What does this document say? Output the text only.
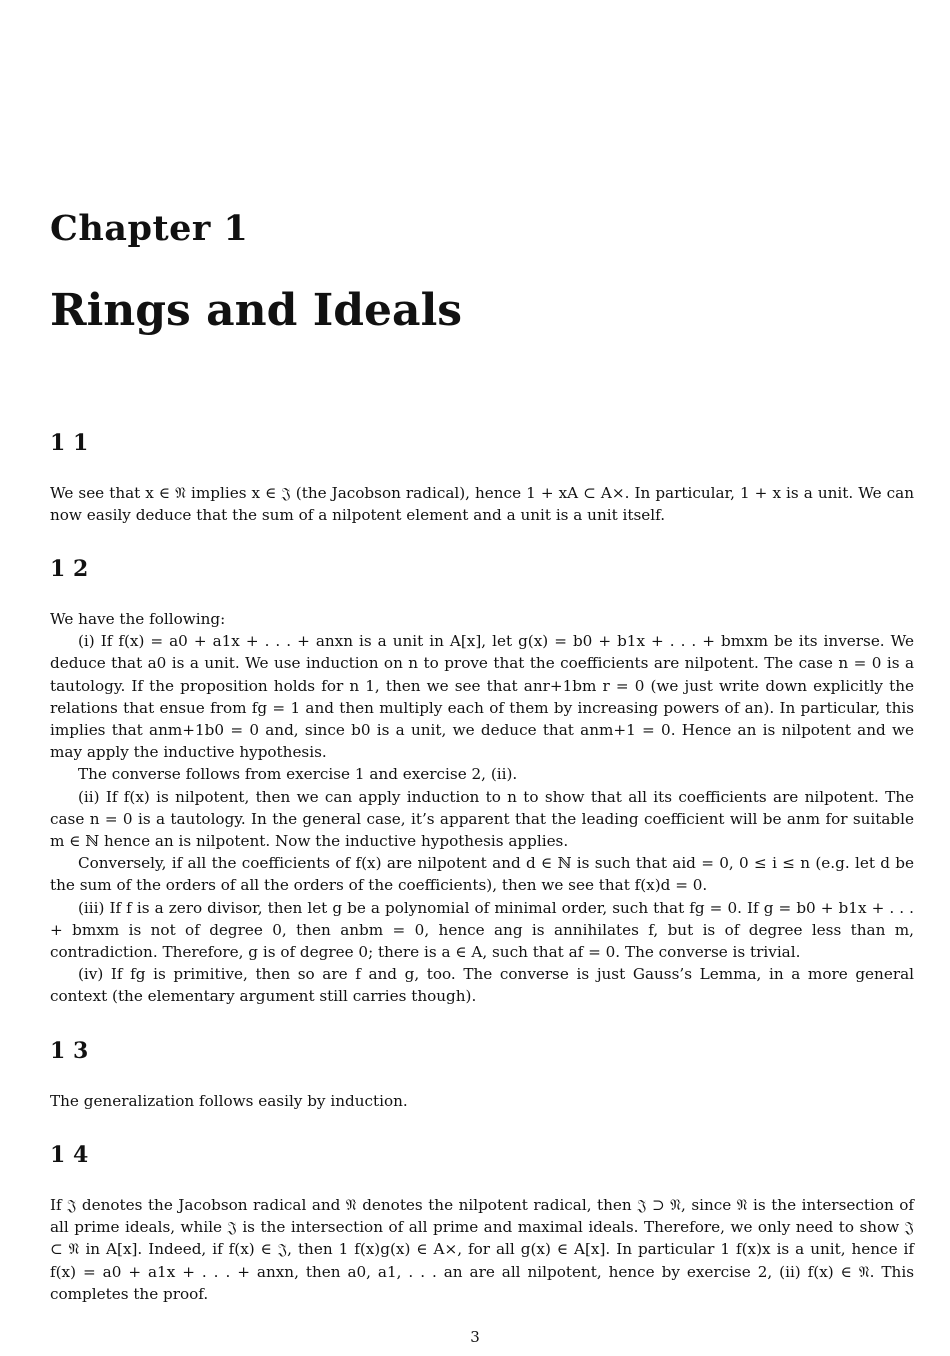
Chapter 1
Rings and Ideals
1 1

We see that x ∈ 𝔑 implies x ∈ 𝔍 (the Jacobson radical), hence 1 + xA ⊂ A×. In particular, 1 + x is a unit. We can now easily deduce that the sum of a nilpotent element and a unit is a unit itself.

1 2

We have the following:

(i) If f(x) = a0 + a1x + . . . + anxn is a unit in A[x], let g(x) = b0 + b1x + . . . + bmxm be its inverse. We deduce that a0 is a unit. We use induction on n to prove that the coefficients are nilpotent. The case n = 0 is a tautology. If the proposition holds for n 1, then we see that anr+1bm r = 0 (we just write down explicitly the relations that ensue from fg = 1 and then multiply each of them by increasing powers of an). In particular, this implies that anm+1b0 = 0 and, since b0 is a unit, we deduce that anm+1 = 0. Hence an is nilpotent and we may apply the inductive hypothesis.

The converse follows from exercise 1 and exercise 2, (ii).

(ii) If f(x) is nilpotent, then we can apply induction to n to show that all its coefficients are nilpotent. The case n = 0 is a tautology. In the general case, it’s apparent that the leading coefficient will be anm for suitable m ∈ ℕ hence an is nilpotent. Now the inductive hypothesis applies.

Conversely, if all the coefficients of f(x) are nilpotent and d ∈ ℕ is such that aid = 0, 0 ≤ i ≤ n (e.g. let d be the sum of the orders of all the orders of the coefficients), then we see that f(x)d = 0.

(iii) If f is a zero divisor, then let g be a polynomial of minimal order, such that fg = 0. If g = b0 + b1x + . . . + bmxm is not of degree 0, then anbm = 0, hence ang is annihilates f, but is of degree less than m, contradiction. Therefore, g is of degree 0; there is a ∈ A, such that af = 0. The converse is trivial.

(iv) If fg is primitive, then so are f and g, too. The converse is just Gauss’s Lemma, in a more general context (the elementary argument still carries though).

1 3

The generalization follows easily by induction.

1 4

If 𝔍 denotes the Jacobson radical and 𝔑 denotes the nilpotent radical, then 𝔍 ⊃ 𝔑, since 𝔑 is the intersection of all prime ideals, while 𝔍 is the intersection of all prime and maximal ideals. Therefore, we only need to show 𝔍 ⊂ 𝔑 in A[x]. Indeed, if f(x) ∈ 𝔍, then 1 f(x)g(x) ∈ A×, for all g(x) ∈ A[x]. In particular 1 f(x)x is a unit, hence if f(x) = a0 + a1x + . . . + anxn, then a0, a1, . . . an are all nilpotent, hence by exercise 2, (ii) f(x) ∈ 𝔑. This completes the proof.

3
